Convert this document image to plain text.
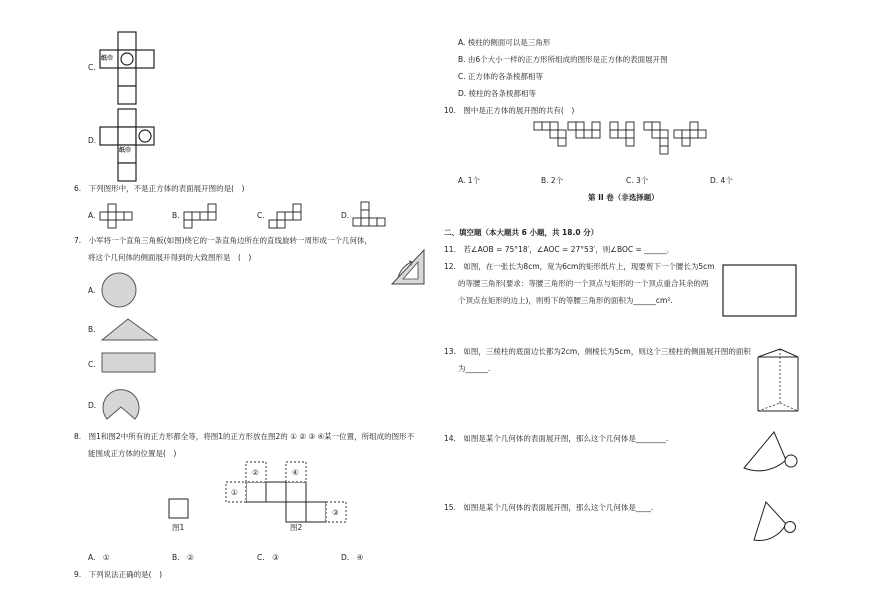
C.
纸巾
D.
纸巾
6.　下列图形中，不是正方体的表面展开图的是(　)
A.	B.	C.	D.
7.　小军将一个直角三角板(如图)绕它的一条直角边所在的直线旋转一周形成一个几何体，
将这个几何体的侧面展开得到的大致图形是　(　)
A.
B.
C.
D.
8.　图1和图2中所有的正方形都全等，将图1的正方形放在图2的 ① ② ③ ④某一位置，所组成的图形不
能围成正方体的位置是(　)
图1
①
②
③
④
图2
A.　①	B.　②	C.　③	D.　④
9.　下列说法正确的是(　)
A. 棱柱的侧面可以是三角形
B. 由6个大小一样的正方形所组成的图形是正方体的表面展开图
C. 正方体的各条棱都相等
D. 棱柱的各条棱都相等
10.　图中是正方体的展开图的共有(　)
A. 1个	B. 2个	C. 3个	D. 4个
第 II 卷（非选择题）
二、填空题（本大题共 6 小题，共 18.0 分）
11.　若∠AOB = 75°18′，∠AOC = 27°53′，则∠BOC = ______．
12.　如图，在一张长为8cm，宽为6cm的矩形纸片上，现要剪下一个腰长为5cm
的等腰三角形(要求：等腰三角形的一个顶点与矩形的一个顶点重合其余的两
个顶点在矩形的边上)，则剪下的等腰三角形的面积为______cm².
13.　如图，三棱柱的底面边长都为2cm，侧棱长为5cm，则这个三棱柱的侧面展开图的面积
为______.
14.　如图是某个几何体的表面展开图，那么这个几何体是________.
15.　如图是某个几何体的表面展开图，那么这个几何体是____.
